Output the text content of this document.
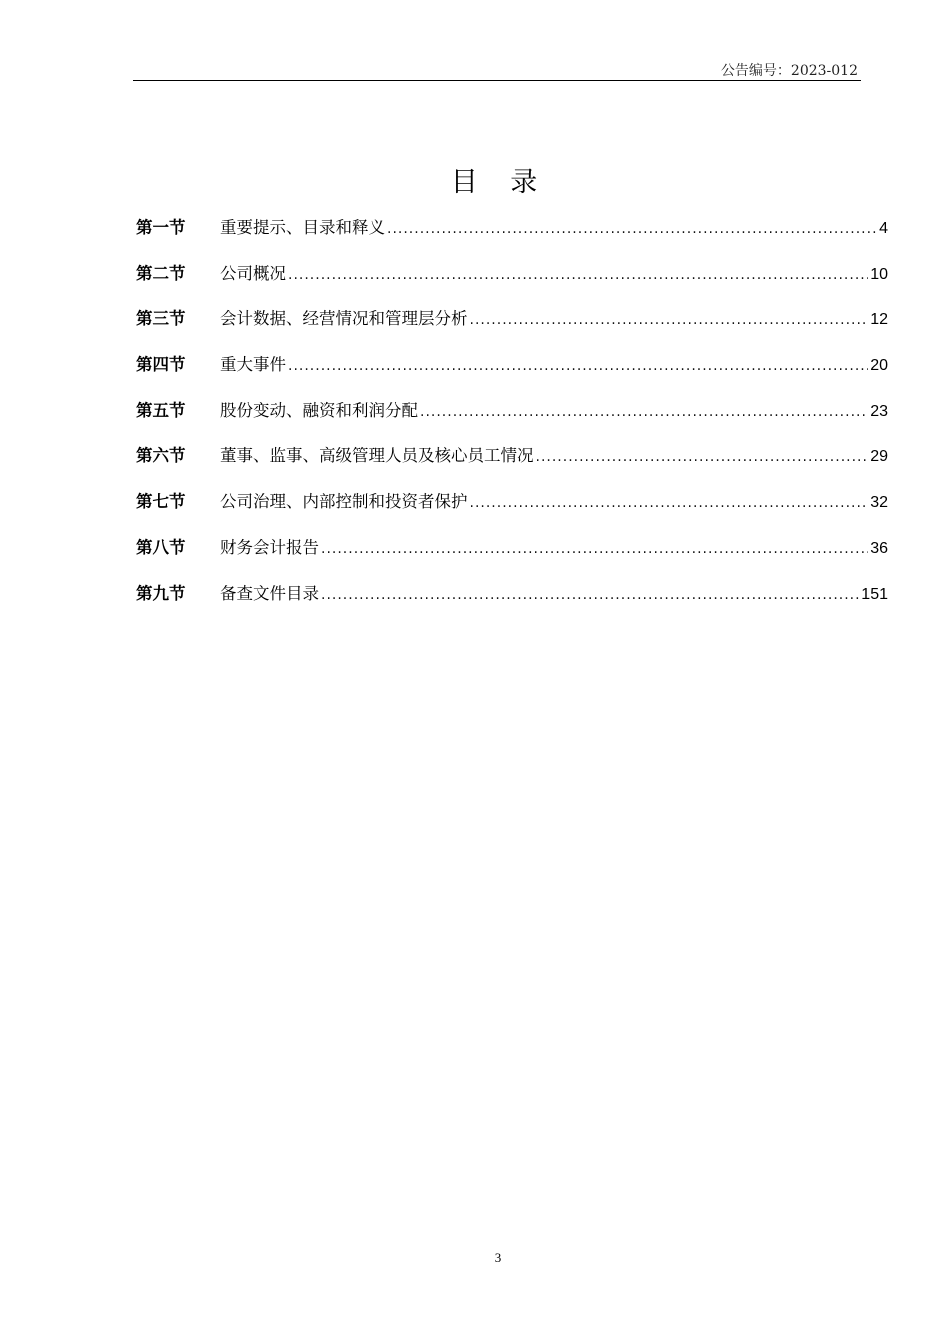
公告编号：2023-012
目 录
第一节	重要提示、目录和释义 .....	4
第二节	公司概况 .....	10
第三节	会计数据、经营情况和管理层分析 .....	12
第四节	重大事件 .....	20
第五节	股份变动、融资和利润分配 .....	23
第六节	董事、监事、高级管理人员及核心员工情况 .....	29
第七节	公司治理、内部控制和投资者保护 .....	32
第八节	财务会计报告 .....	36
第九节	备查文件目录 .....	151
3
